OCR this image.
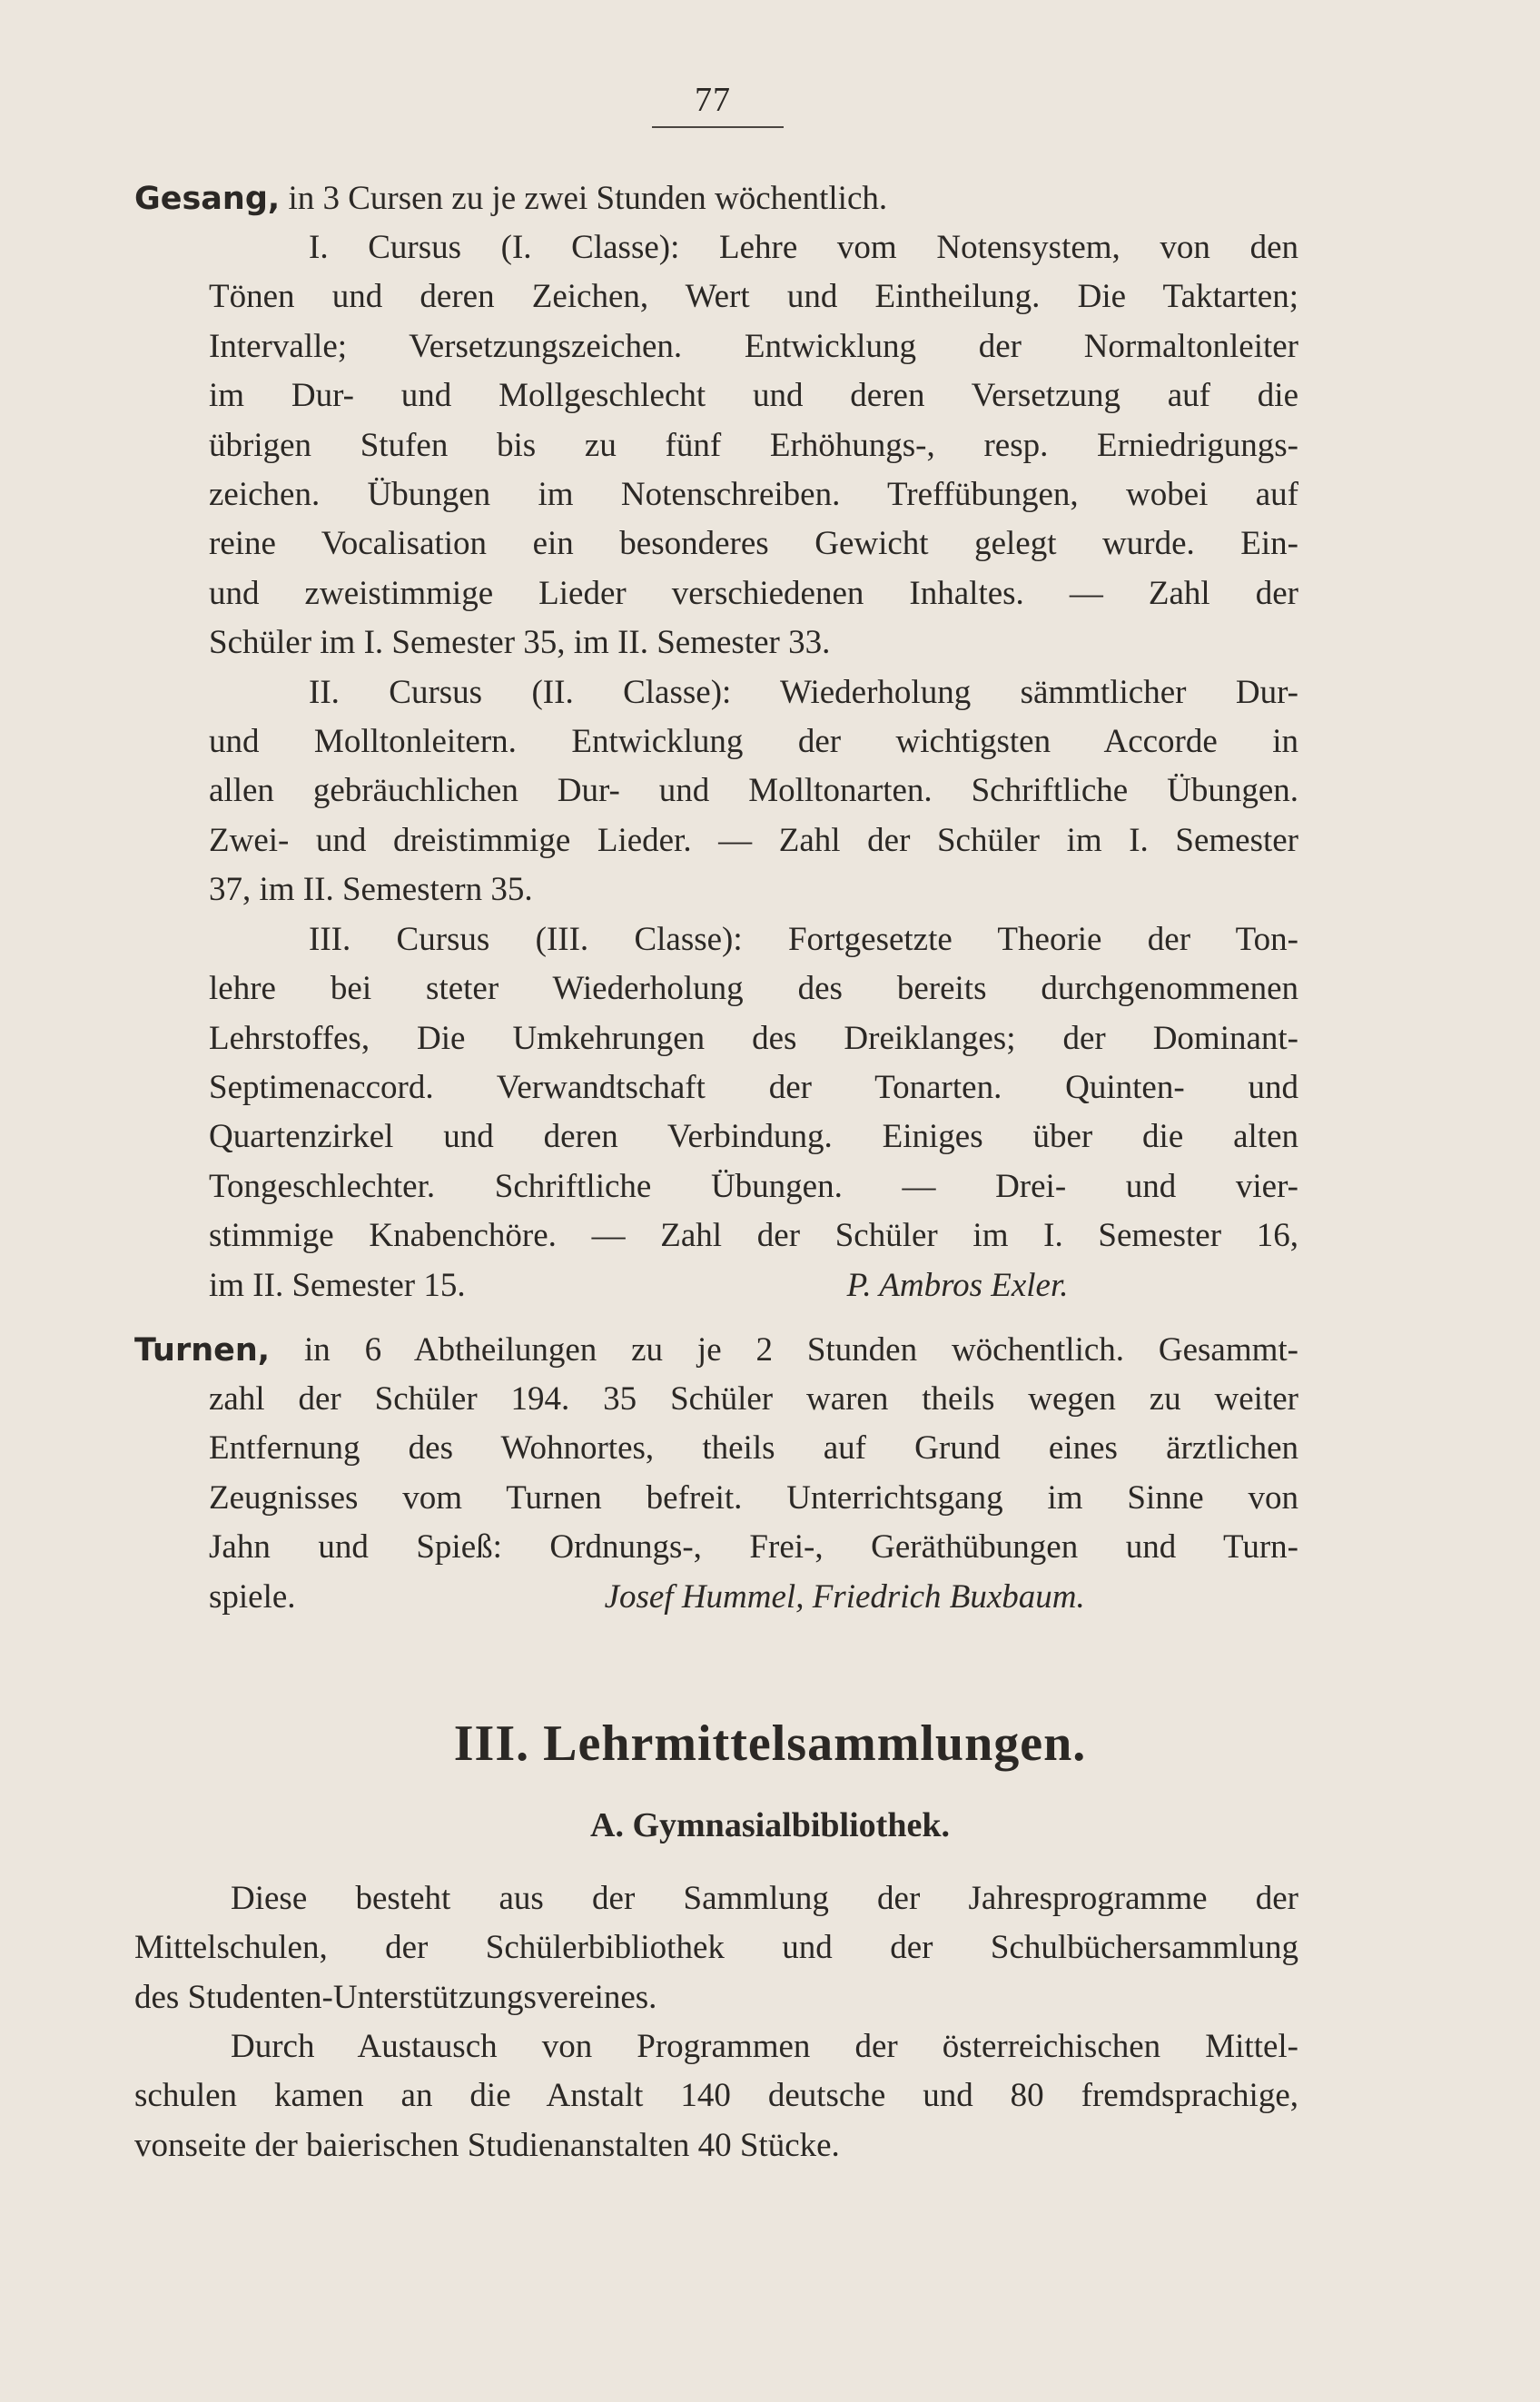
77
Gesang, in 3 Cursen zu je zwei Stunden wöchentlich.
I. Cursus (I. Classe): Lehre vom Notensystem, von den
Tönen und deren Zeichen, Wert und Eintheilung. Die Taktarten;
Intervalle; Versetzungszeichen. Entwicklung der Normaltonleiter
im Dur- und Mollgeschlecht und deren Versetzung auf die
übrigen Stufen bis zu fünf Erhöhungs-, resp. Erniedrigungs-
zeichen. Übungen im Notenschreiben. Treffübungen, wobei auf
reine Vocalisation ein besonderes Gewicht gelegt wurde. Ein-
und zweistimmige Lieder verschiedenen Inhaltes. — Zahl der
Schüler im I. Semester 35, im II. Semester 33.
II. Cursus (II. Classe): Wiederholung sämmtlicher Dur-
und Molltonleitern. Entwicklung der wichtigsten Accorde in
allen gebräuchlichen Dur- und Molltonarten. Schriftliche Übungen.
Zwei- und dreistimmige Lieder. — Zahl der Schüler im I. Semester
37, im II. Semestern 35.
III. Cursus (III. Classe): Fortgesetzte Theorie der Ton-
lehre bei steter Wiederholung des bereits durchgenommenen
Lehrstoffes, Die Umkehrungen des Dreiklanges; der Dominant-
Septimenaccord. Verwandtschaft der Tonarten. Quinten- und
Quartenzirkel und deren Verbindung. Einiges über die alten
Tongeschlechter. Schriftliche Übungen. — Drei- und vier-
stimmige Knabenchöre. — Zahl der Schüler im I. Semester 16,
im II. Semester 15.	P. Ambros Exler.
Turnen, in 6 Abtheilungen zu je 2 Stunden wöchentlich. Gesammt-
zahl der Schüler 194. 35 Schüler waren theils wegen zu weiter
Entfernung des Wohnortes, theils auf Grund eines ärztlichen
Zeugnisses vom Turnen befreit. Unterrichtsgang im Sinne von
Jahn und Spieß: Ordnungs-, Frei-, Geräthübungen und Turn-
spiele.	Josef Hummel, Friedrich Buxbaum.
III. Lehrmittelsammlungen.
A. Gymnasialbibliothek.
Diese besteht aus der Sammlung der Jahresprogramme der
Mittelschulen, der Schülerbibliothek und der Schulbüchersammlung
des Studenten-Unterstützungsvereines.
Durch Austausch von Programmen der österreichischen Mittel-
schulen kamen an die Anstalt 140 deutsche und 80 fremdsprachige,
vonseite der baierischen Studienanstalten 40 Stücke.
